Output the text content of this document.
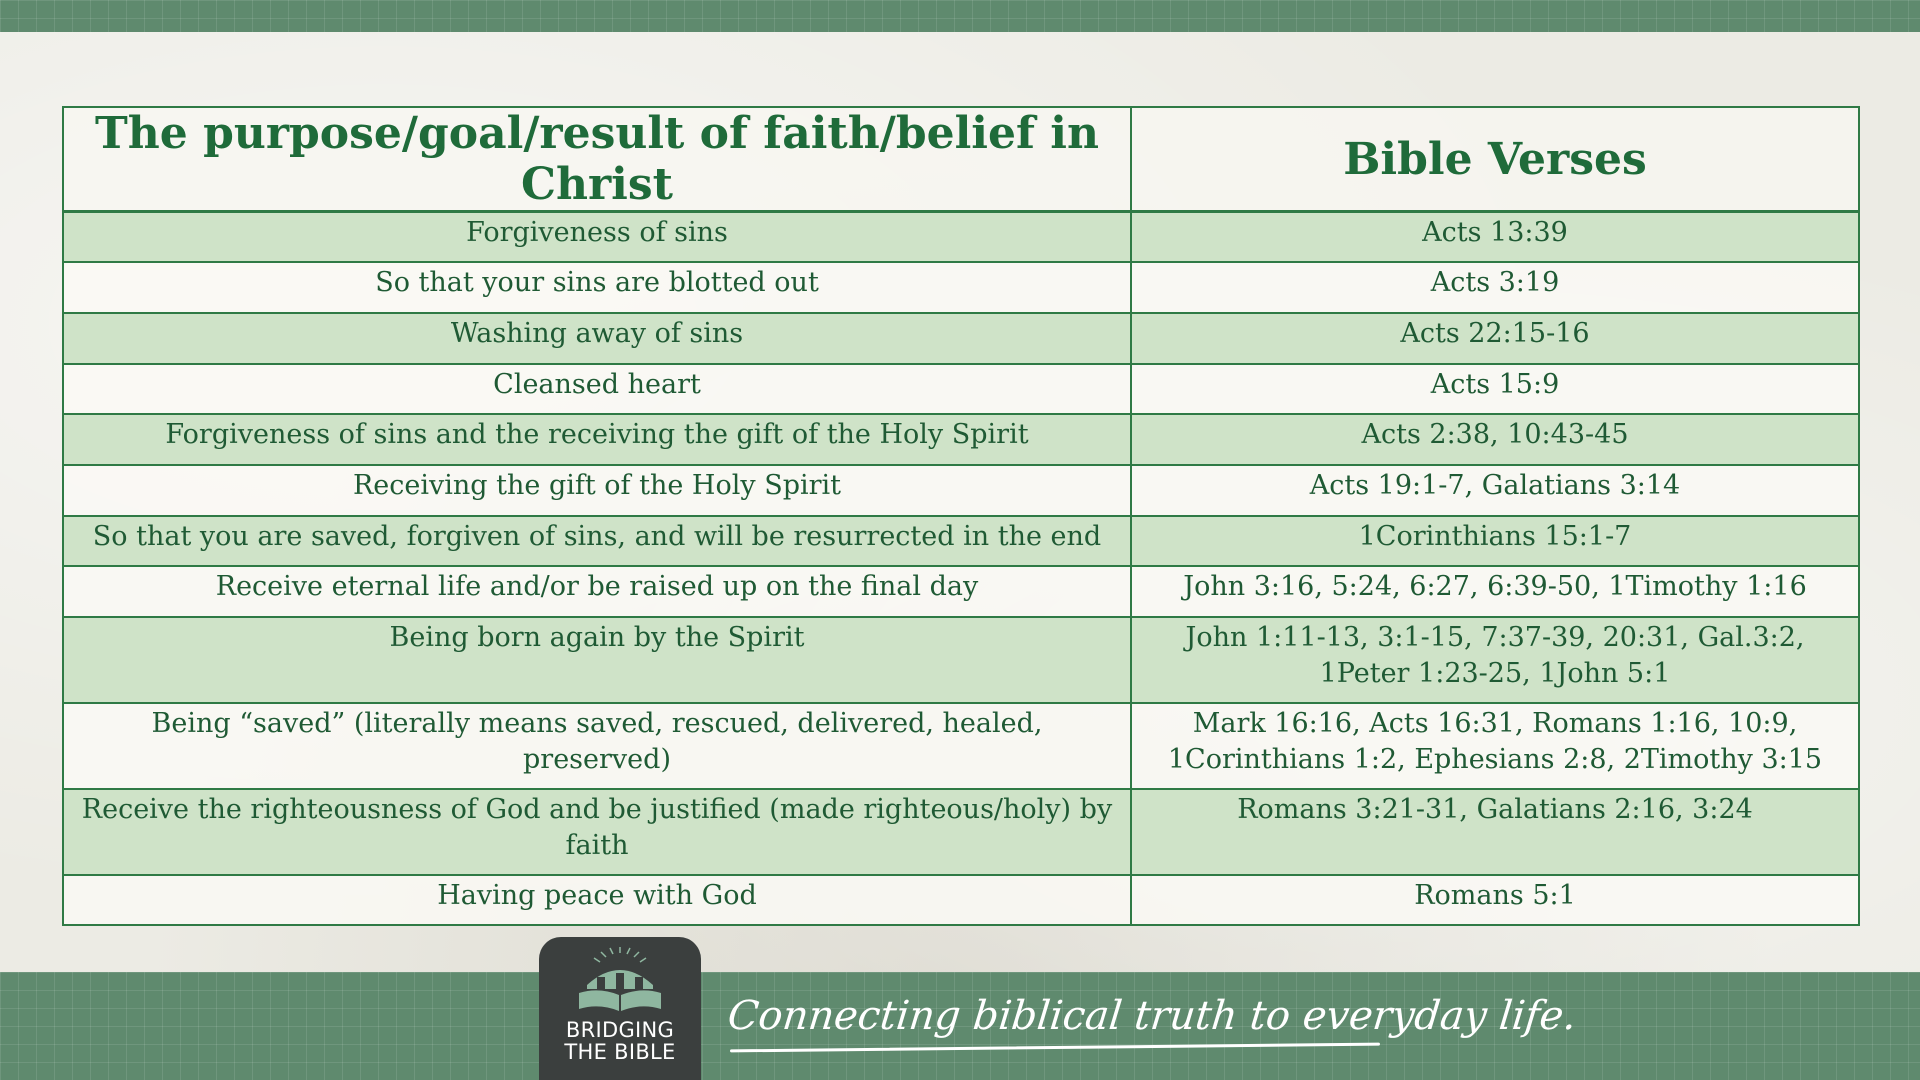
The purpose/goal/result of faith/belief in Christ	Bible Verses
Forgiveness of sins	Acts 13:39
So that your sins are blotted out	Acts 3:19
Washing away of sins	Acts 22:15-16
Cleansed heart	Acts 15:9
Forgiveness of sins and the receiving the gift of the Holy Spirit	Acts 2:38, 10:43-45
Receiving the gift of the Holy Spirit	Acts 19:1-7, Galatians 3:14
So that you are saved, forgiven of sins, and will be resurrected in the end	1Corinthians 15:1-7
Receive eternal life and/or be raised up on the final day	John 3:16, 5:24, 6:27, 6:39-50, 1Timothy 1:16
Being born again by the Spirit	John 1:11-13, 3:1-15, 7:37-39, 20:31, Gal.3:2, 1Peter 1:23-25, 1John 5:1
Being “saved” (literally means saved, rescued, delivered, healed, preserved)	Mark 16:16, Acts 16:31, Romans 1:16, 10:9, 1Corinthians 1:2, Ephesians 2:8, 2Timothy 3:15
Receive the righteousness of God and be justified (made righteous/holy) by faith	Romans 3:21-31, Galatians 2:16, 3:24
Having peace with God	Romans 5:1
BRIDGING
THE BIBLE
Connecting biblical truth to everyday life.
